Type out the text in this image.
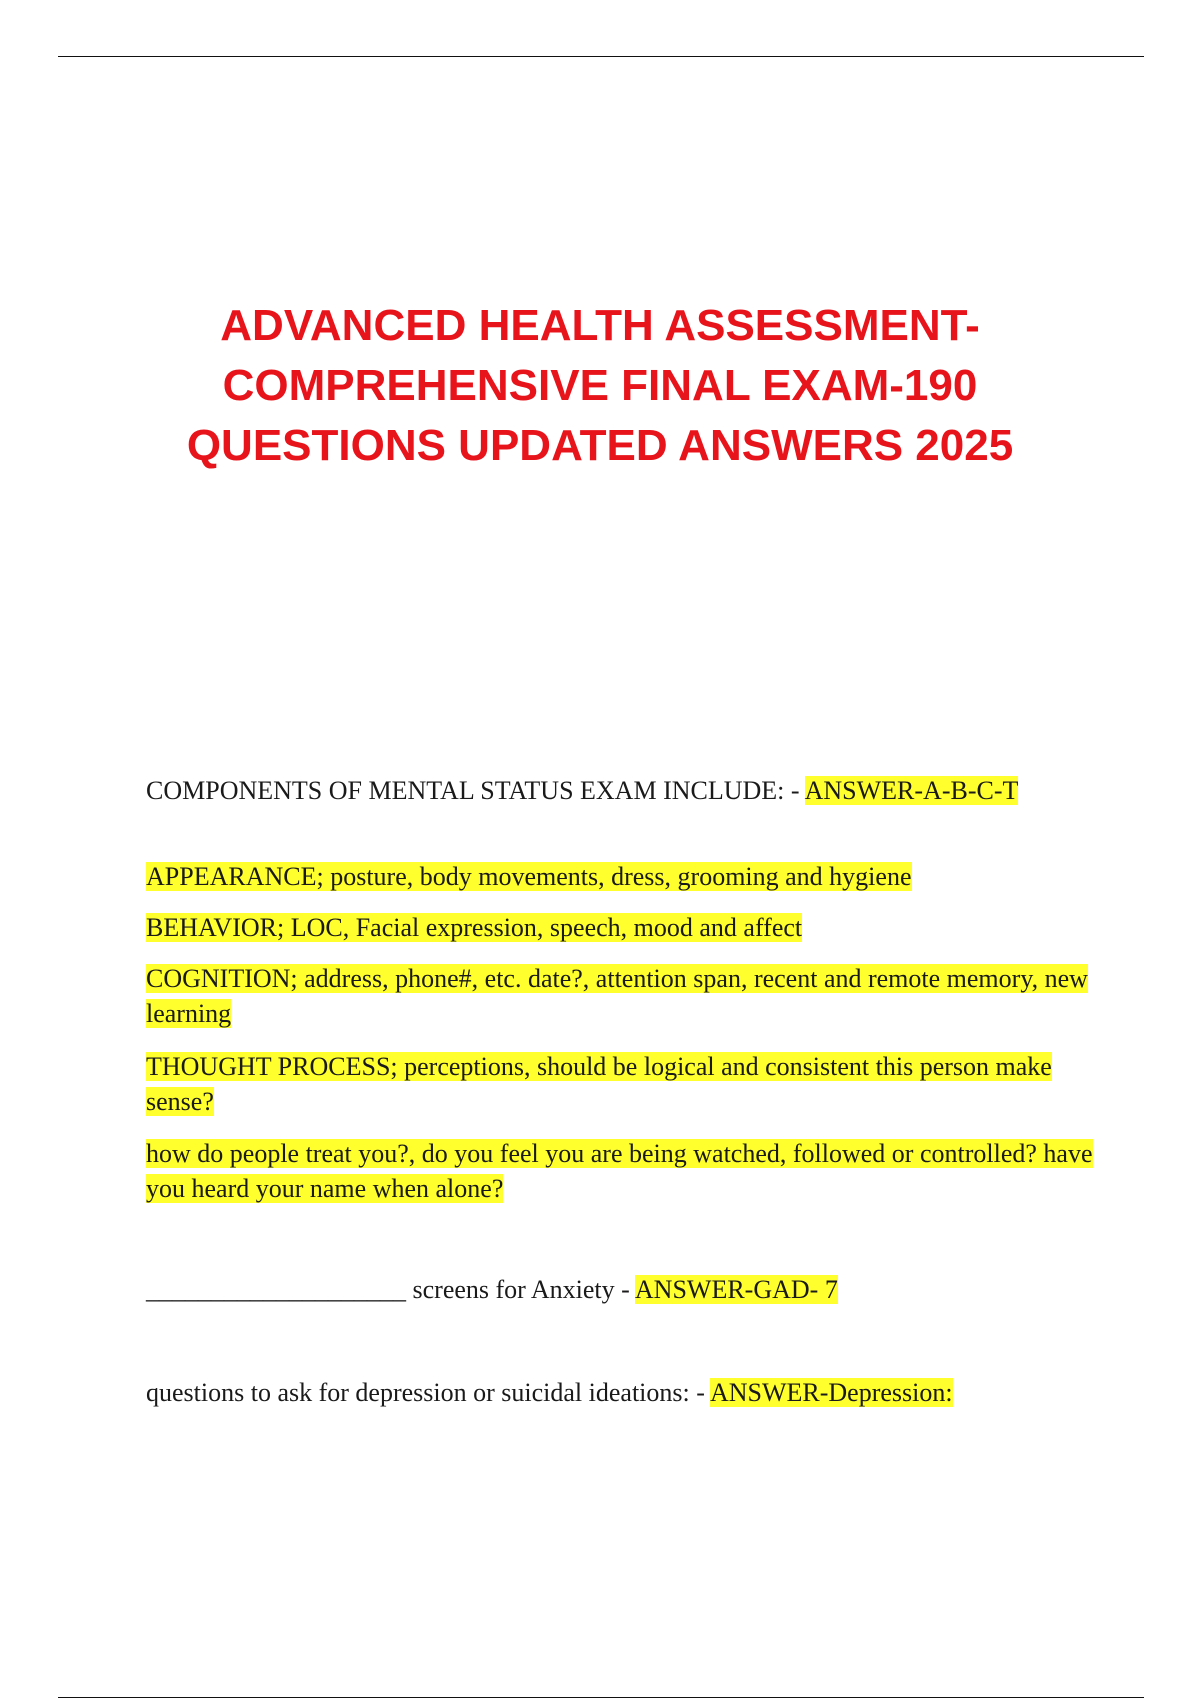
ADVANCED HEALTH ASSESSMENT-
COMPREHENSIVE FINAL EXAM-190
QUESTIONS UPDATED ANSWERS 2025

COMPONENTS OF MENTAL STATUS EXAM INCLUDE: - ANSWER-A-B-C-T

APPEARANCE; posture, body movements, dress, grooming and hygiene

BEHAVIOR; LOC, Facial expression, speech, mood and affect

COGNITION; address, phone#, etc. date?, attention span, recent and remote memory, new learning

THOUGHT PROCESS; perceptions, should be logical and consistent this person make sense?

how do people treat you?, do you feel you are being watched, followed or controlled? have you heard your name when alone?

____________________ screens for Anxiety - ANSWER-GAD- 7

questions to ask for depression or suicidal ideations: - ANSWER-Depression:
